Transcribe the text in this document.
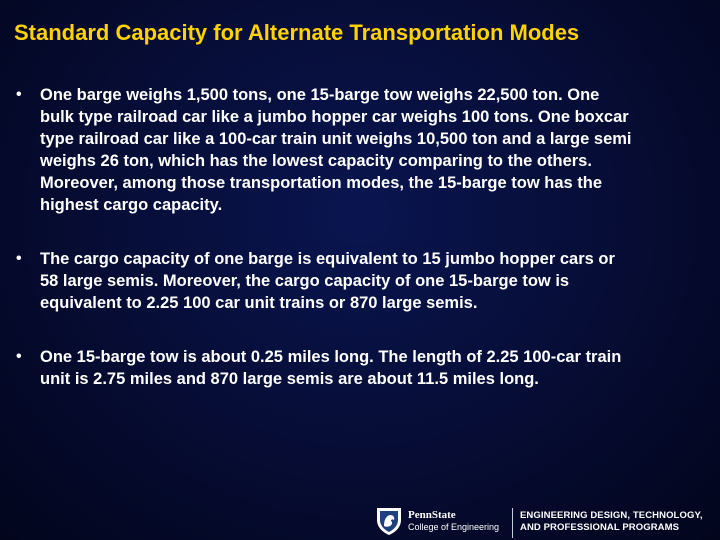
Standard Capacity for Alternate Transportation Modes
• One barge weighs 1,500 tons, one 15-barge tow weighs 22,500 ton. One bulk type railroad car like a jumbo hopper car weighs 100 tons. One boxcar type railroad car like a 100-car train unit weighs 10,500 ton and a large semi weighs 26 ton, which has the lowest capacity comparing to the others. Moreover, among those transportation modes, the 15-barge tow has the highest cargo capacity.
• The cargo capacity of one barge is equivalent to 15 jumbo hopper cars or 58 large semis. Moreover, the cargo capacity of one 15-barge tow is equivalent to 2.25 100 car unit trains or 870 large semis.
• One 15-barge tow is about 0.25 miles long. The length of 2.25 100-car train unit is 2.75 miles and 870 large semis are about 11.5 miles long.
PennState
College of Engineering
ENGINEERING DESIGN, TECHNOLOGY,
AND PROFESSIONAL PROGRAMS
